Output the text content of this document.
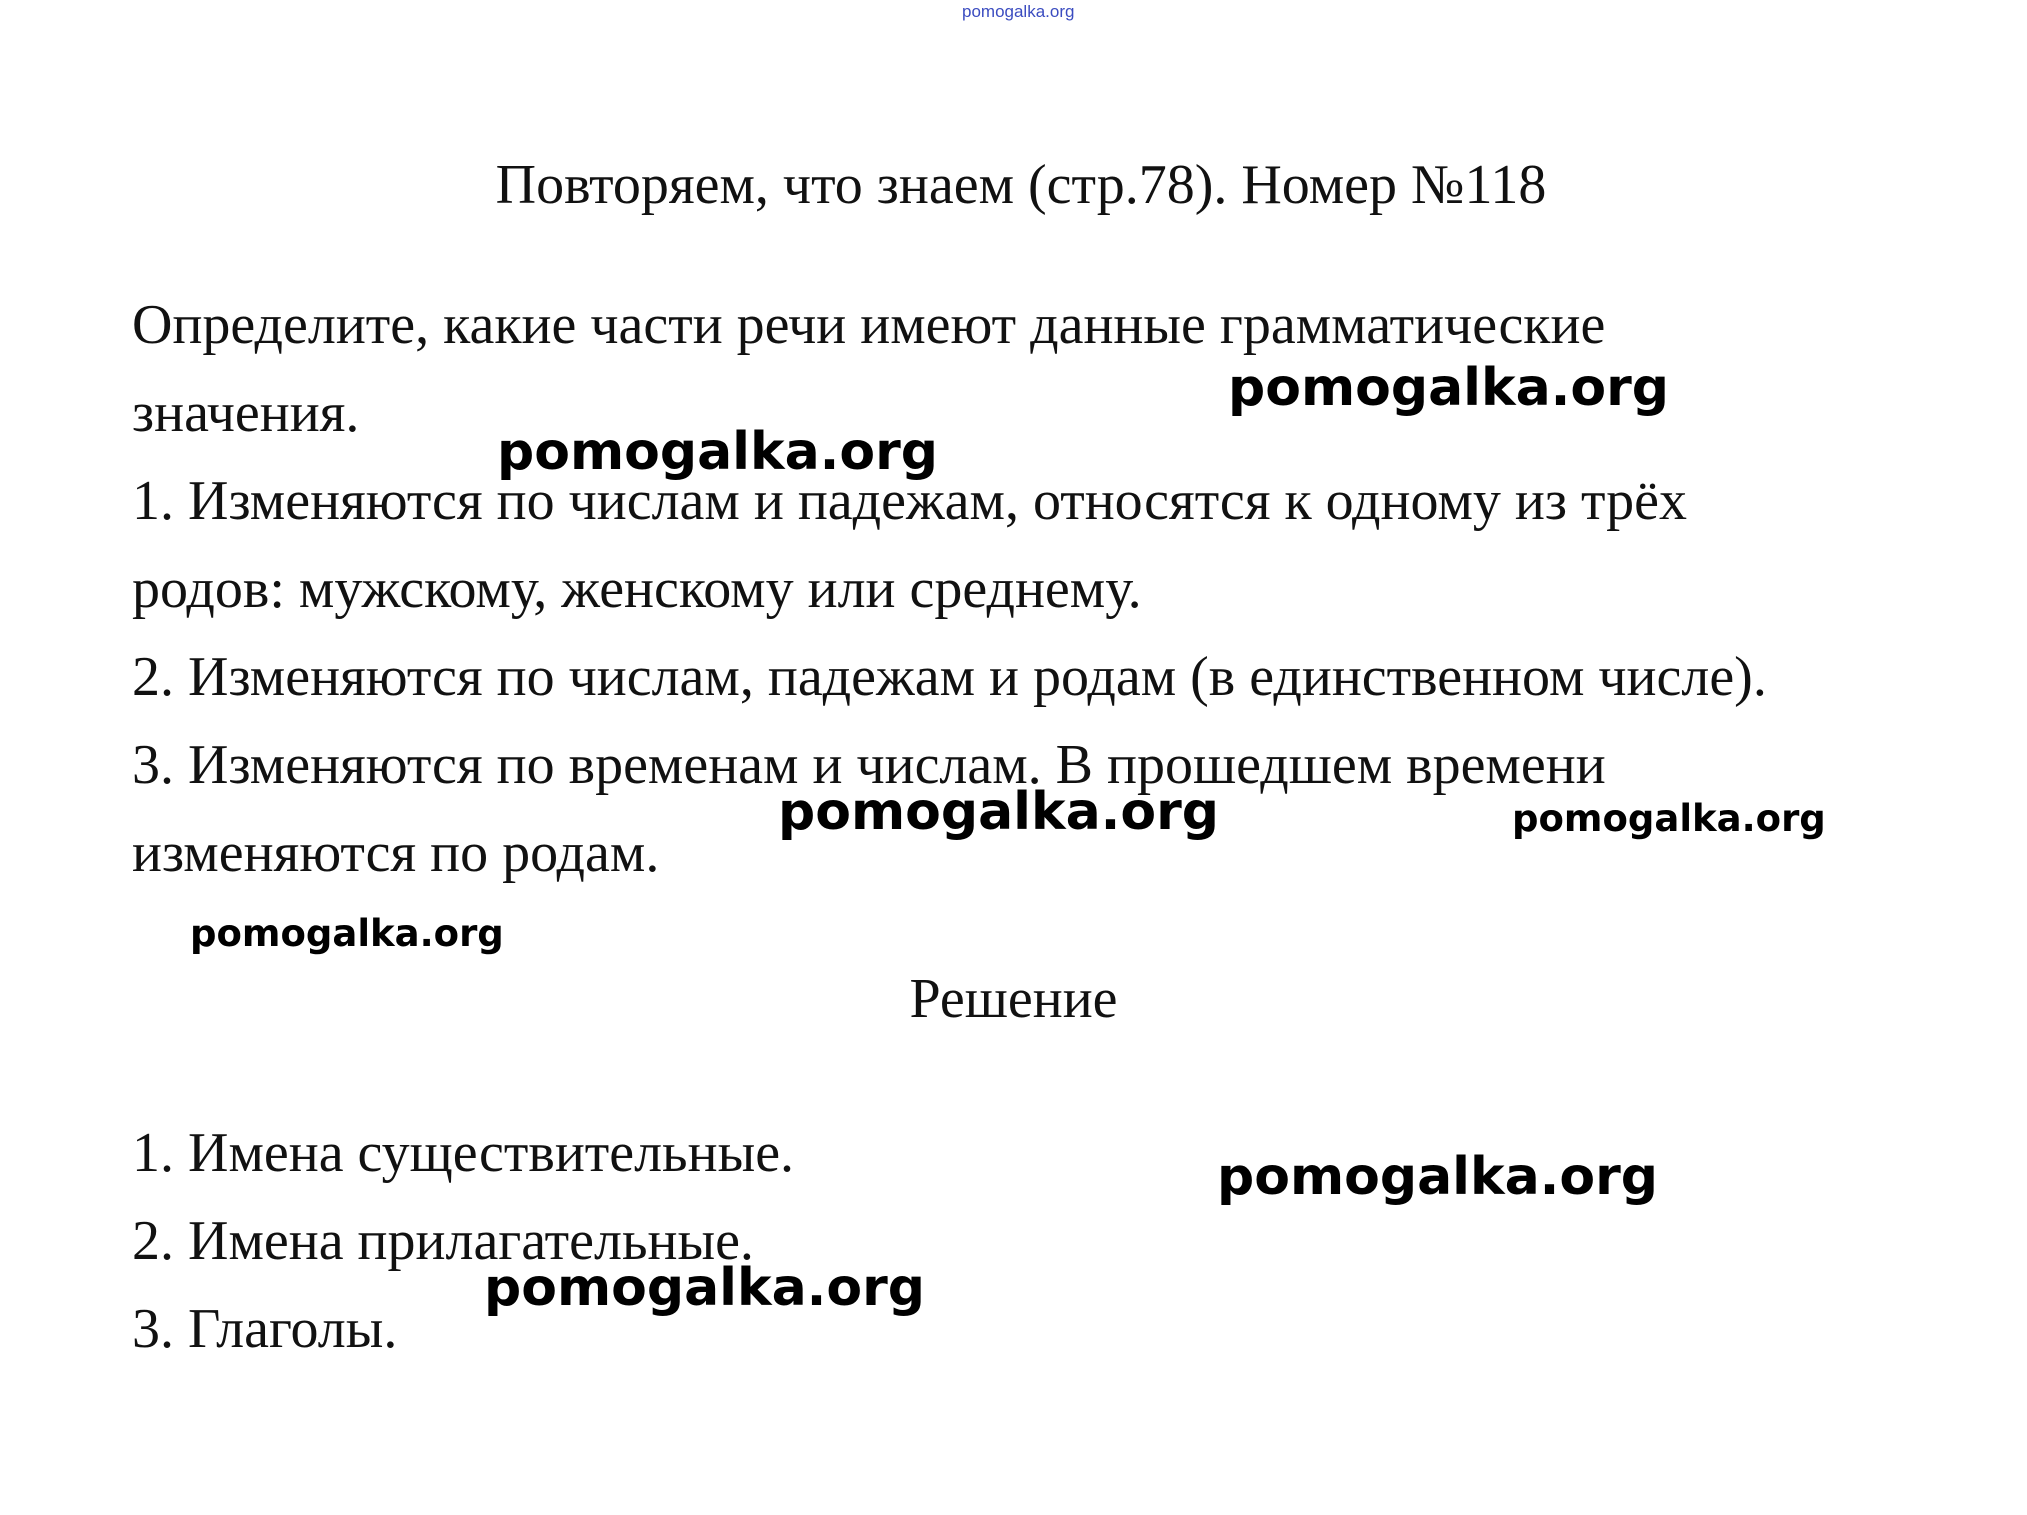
pomogalka.org
Повторяем, что знаем (стр.78). Номер №118
Определите, какие части речи имеют данные грамматические
значения.
1. Изменяются по числам и падежам, относятся к одному из трёх
родов: мужскому, женскому или среднему.
2. Изменяются по числам, падежам и родам (в единственном числе).
3. Изменяются по временам и числам. В прошедшем времени
изменяются по родам.
Решение
1. Имена существительные.
2. Имена прилагательные.
3. Глаголы.
pomogalka.org
pomogalka.org
pomogalka.org	pomogalka.org
pomogalka.org
pomogalka.org
pomogalka.org
